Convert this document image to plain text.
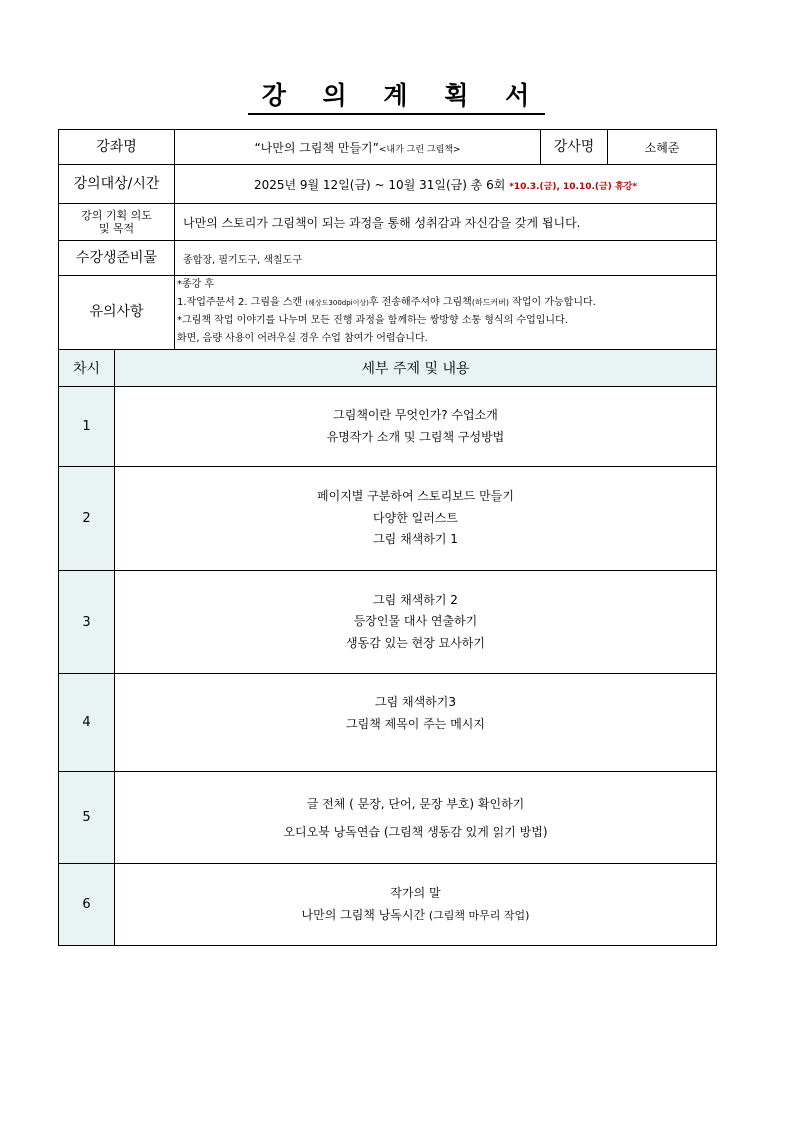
강 의 계 획 서
강좌명	“나만의 그림책 만들기”<내가 그린 그림책>	강사명	소혜준
강의대상/시간	2025년 9월 12일(금) ~ 10월 31일(금) 총 6회 *10.3.(금), 10.10.(금) 휴강*		

강의 기획 의도
및 목적	나만의 스토리가 그림책이 되는 과정을 통해 성취감과 자신감을 갖게 됩니다.		
수강생준비물	종합장, 필기도구, 색칠도구		
유의사항	*종강 후
1.작업주문서 2. 그림을 스캔 (해상도300dpi이상)후 전송해주셔야 그림책(하드커버) 작업이 가능합니다.
*그림책 작업 이야기를 나누며 모든 진행 과정을 함께하는 쌍방향 소통 형식의 수업입니다.
화면, 음량 사용이 어려우실 경우 수업 참여가 어렵습니다.		
차시	세부 주제 및 내용
1	그림책이란 무엇인가? 수업소개
유명작가 소개 및 그림책 구성방법

2	페이지별 구분하여 스토리보드 만들기
다양한 일러스트
그림 채색하기 1

3	그림 채색하기 2
등장인물 대사 연출하기
생동감 있는 현장 묘사하기

4	그림 채색하기3
그림책 제목이 주는 메시지

5	글 전체 ( 문장, 단어, 문장 부호) 확인하기
오디오북 낭독연습 (그림책 생동감 있게 읽기 방법)

6	작가의 말
나만의 그림책 낭독시간 (그림책 마무리 작업)
